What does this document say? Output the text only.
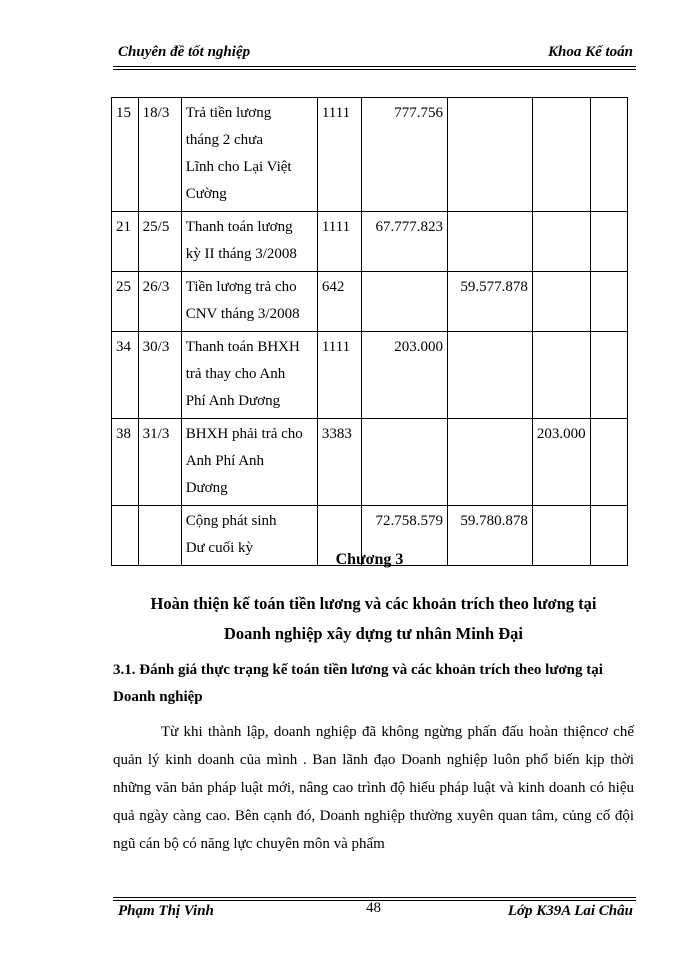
Chuyên đề tốt nghiệp	Khoa Kế toán
15	18/3	Trả tiền lương
tháng 2 chưa
Lĩnh cho Lại Việt
Cường	1111	777.756			
21	25/5	Thanh toán lương
kỳ II tháng 3/2008	1111	67.777.823			
25	26/3	Tiền lương trả cho
CNV tháng 3/2008	642		59.577.878		
34	30/3	Thanh toán BHXH
trả thay cho Anh
Phí Anh Dương	1111	203.000			
38	31/3	BHXH phải trả cho
Anh Phí Anh
Dương	3383			203.000	

		Cộng phát sinh
Dư cuối kỳ		72.758.579	59.780.878		
Chương 3
Hoàn thiện kế toán tiền lương và các khoản trích theo lương tại
Doanh nghiệp xây dựng tư nhân Minh Đại
3.1. Đánh giá thực trạng kế toán tiền lương và các khoản trích theo lương tại Doanh nghiệp

Từ khi thành lập, doanh nghiệp đã không ngừng phấn đấu hoàn thiệncơ chế quản lý kinh doanh của mình . Ban lãnh đạo Doanh nghiệp luôn phổ biến kịp thời những văn bản pháp luật mới, nâng cao trình độ hiểu pháp luật và kinh doanh có hiệu quả ngày càng cao. Bên cạnh đó, Doanh nghiệp thường xuyên quan tâm, củng cố đội ngũ cán bộ có năng lực chuyên môn và phẩm

Phạm Thị Vinh	48	Lớp K39A Lai Châu
